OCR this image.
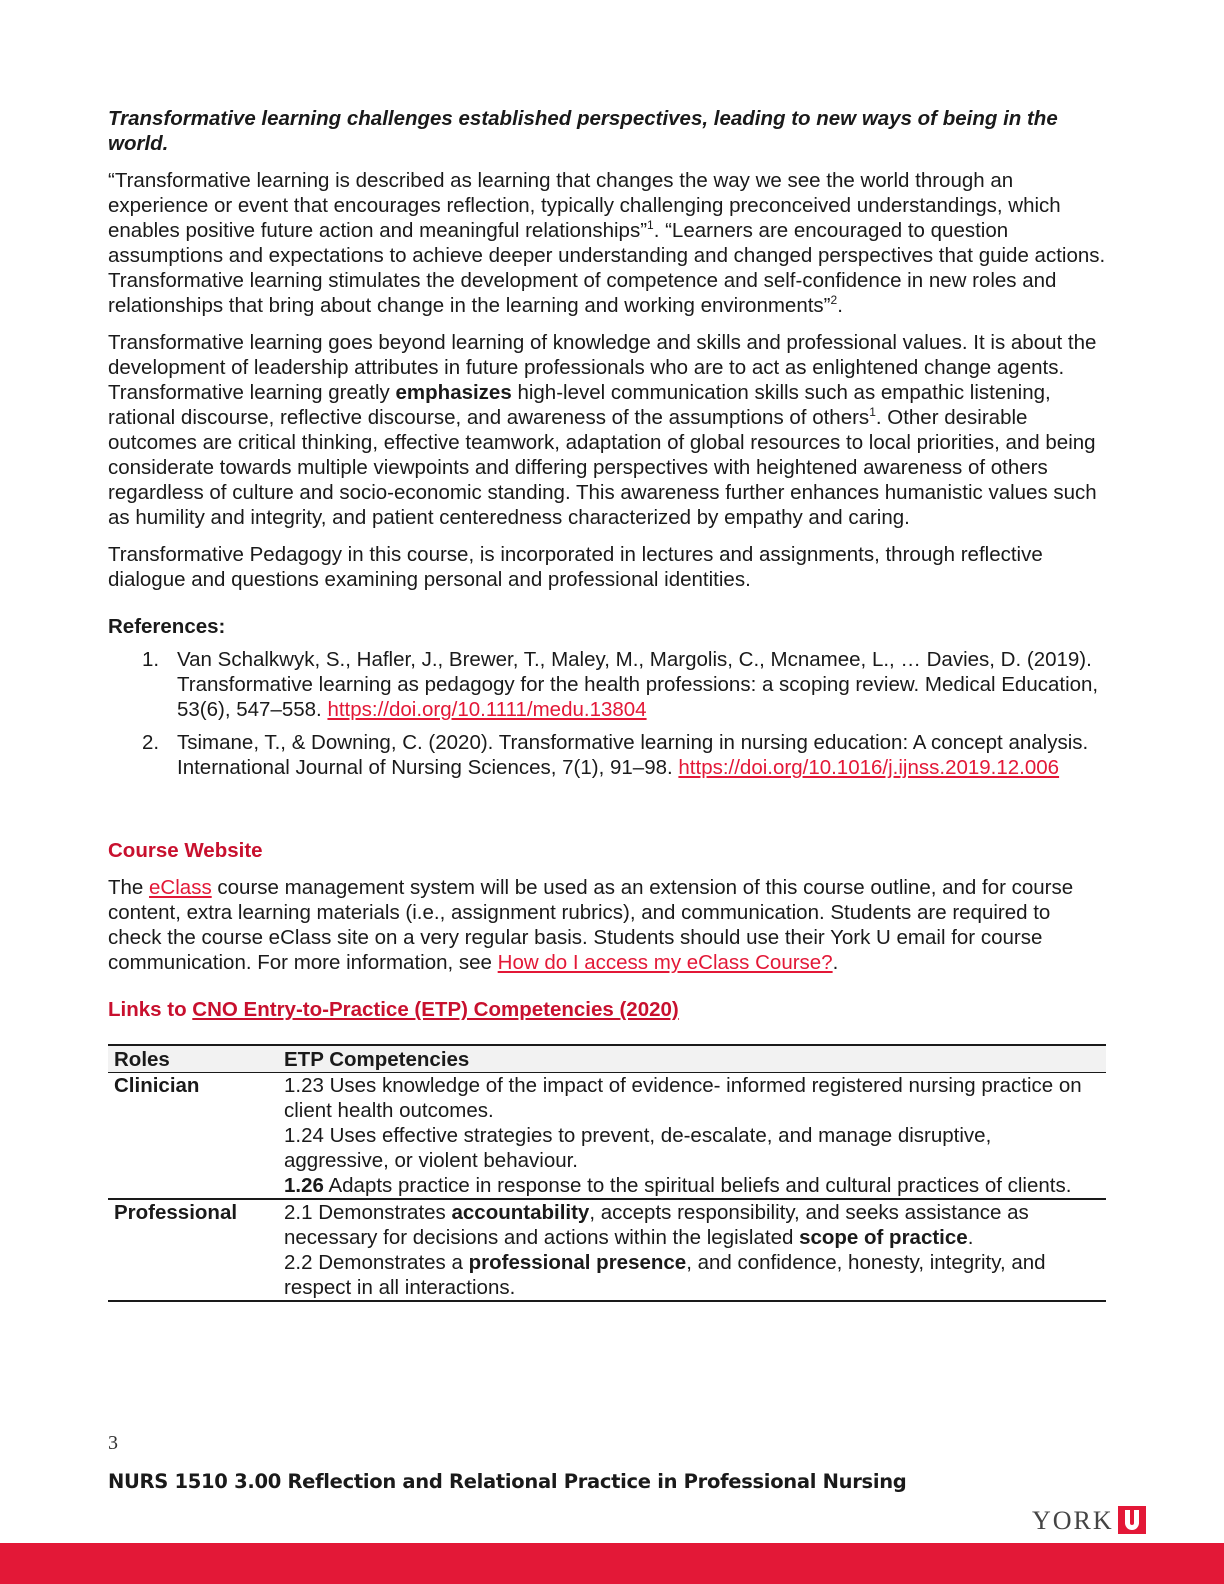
Transformative learning challenges established perspectives, leading to new ways of being in the world.

“Transformative learning is described as learning that changes the way we see the world through an experience or event that encourages reflection, typically challenging preconceived understandings, which enables positive future action and meaningful relationships”$^1$. “Learners are encouraged to question assumptions and expectations to achieve deeper understanding and changed perspectives that guide actions. Transformative learning stimulates the development of competence and self-confidence in new roles and relationships that bring about change in the learning and working environments”$^2$.

Transformative learning goes beyond learning of knowledge and skills and professional values. It is about the development of leadership attributes in future professionals who are to act as enlightened change agents. Transformative learning greatly emphasizes high-level communication skills such as empathic listening, rational discourse, reflective discourse, and awareness of the assumptions of others$^1$. Other desirable outcomes are critical thinking, effective teamwork, adaptation of global resources to local priorities, and being considerate towards multiple viewpoints and differing perspectives with heightened awareness of others regardless of culture and socio-economic standing. This awareness further enhances humanistic values such as humility and integrity, and patient centeredness characterized by empathy and caring.

Transformative Pedagogy in this course, is incorporated in lectures and assignments, through reflective dialogue and questions examining personal and professional identities.

References:
1. Van Schalkwyk, S., Hafler, J., Brewer, T., Maley, M., Margolis, C., Mcnamee, L., … Davies, D. (2019). Transformative learning as pedagogy for the health professions: a scoping review. Medical Education, 53(6), 547–558. https://doi.org/10.1111/medu.13804
2. Tsimane, T., & Downing, C. (2020). Transformative learning in nursing education: A concept analysis. International Journal of Nursing Sciences, 7(1), 91–98. https://doi.org/10.1016/j.ijnss.2019.12.006
Course Website

The eClass course management system will be used as an extension of this course outline, and for course content, extra learning materials (i.e., assignment rubrics), and communication. Students are required to check the course eClass site on a very regular basis. Students should use their York U email for course communication. For more information, see How do I access my eClass Course?.

Links to CNO Entry-to-Practice (ETP) Competencies (2020)
Roles	ETP Competencies
Clinician	1.23 Uses knowledge of the impact of evidence- informed registered nursing practice on client health outcomes.

1.24 Uses effective strategies to prevent, de-escalate, and manage disruptive, aggressive, or violent behaviour.

1.26 Adapts practice in response to the spiritual beliefs and cultural practices of clients.

Professional	2.1 Demonstrates accountability, accepts responsibility, and seeks assistance as necessary for decisions and actions within the legislated scope of practice.

2.2 Demonstrates a professional presence, and confidence, honesty, integrity, and respect in all interactions.

3
NURS 1510 3.00 Reflection and Relational Practice in Professional Nursing
YORK
